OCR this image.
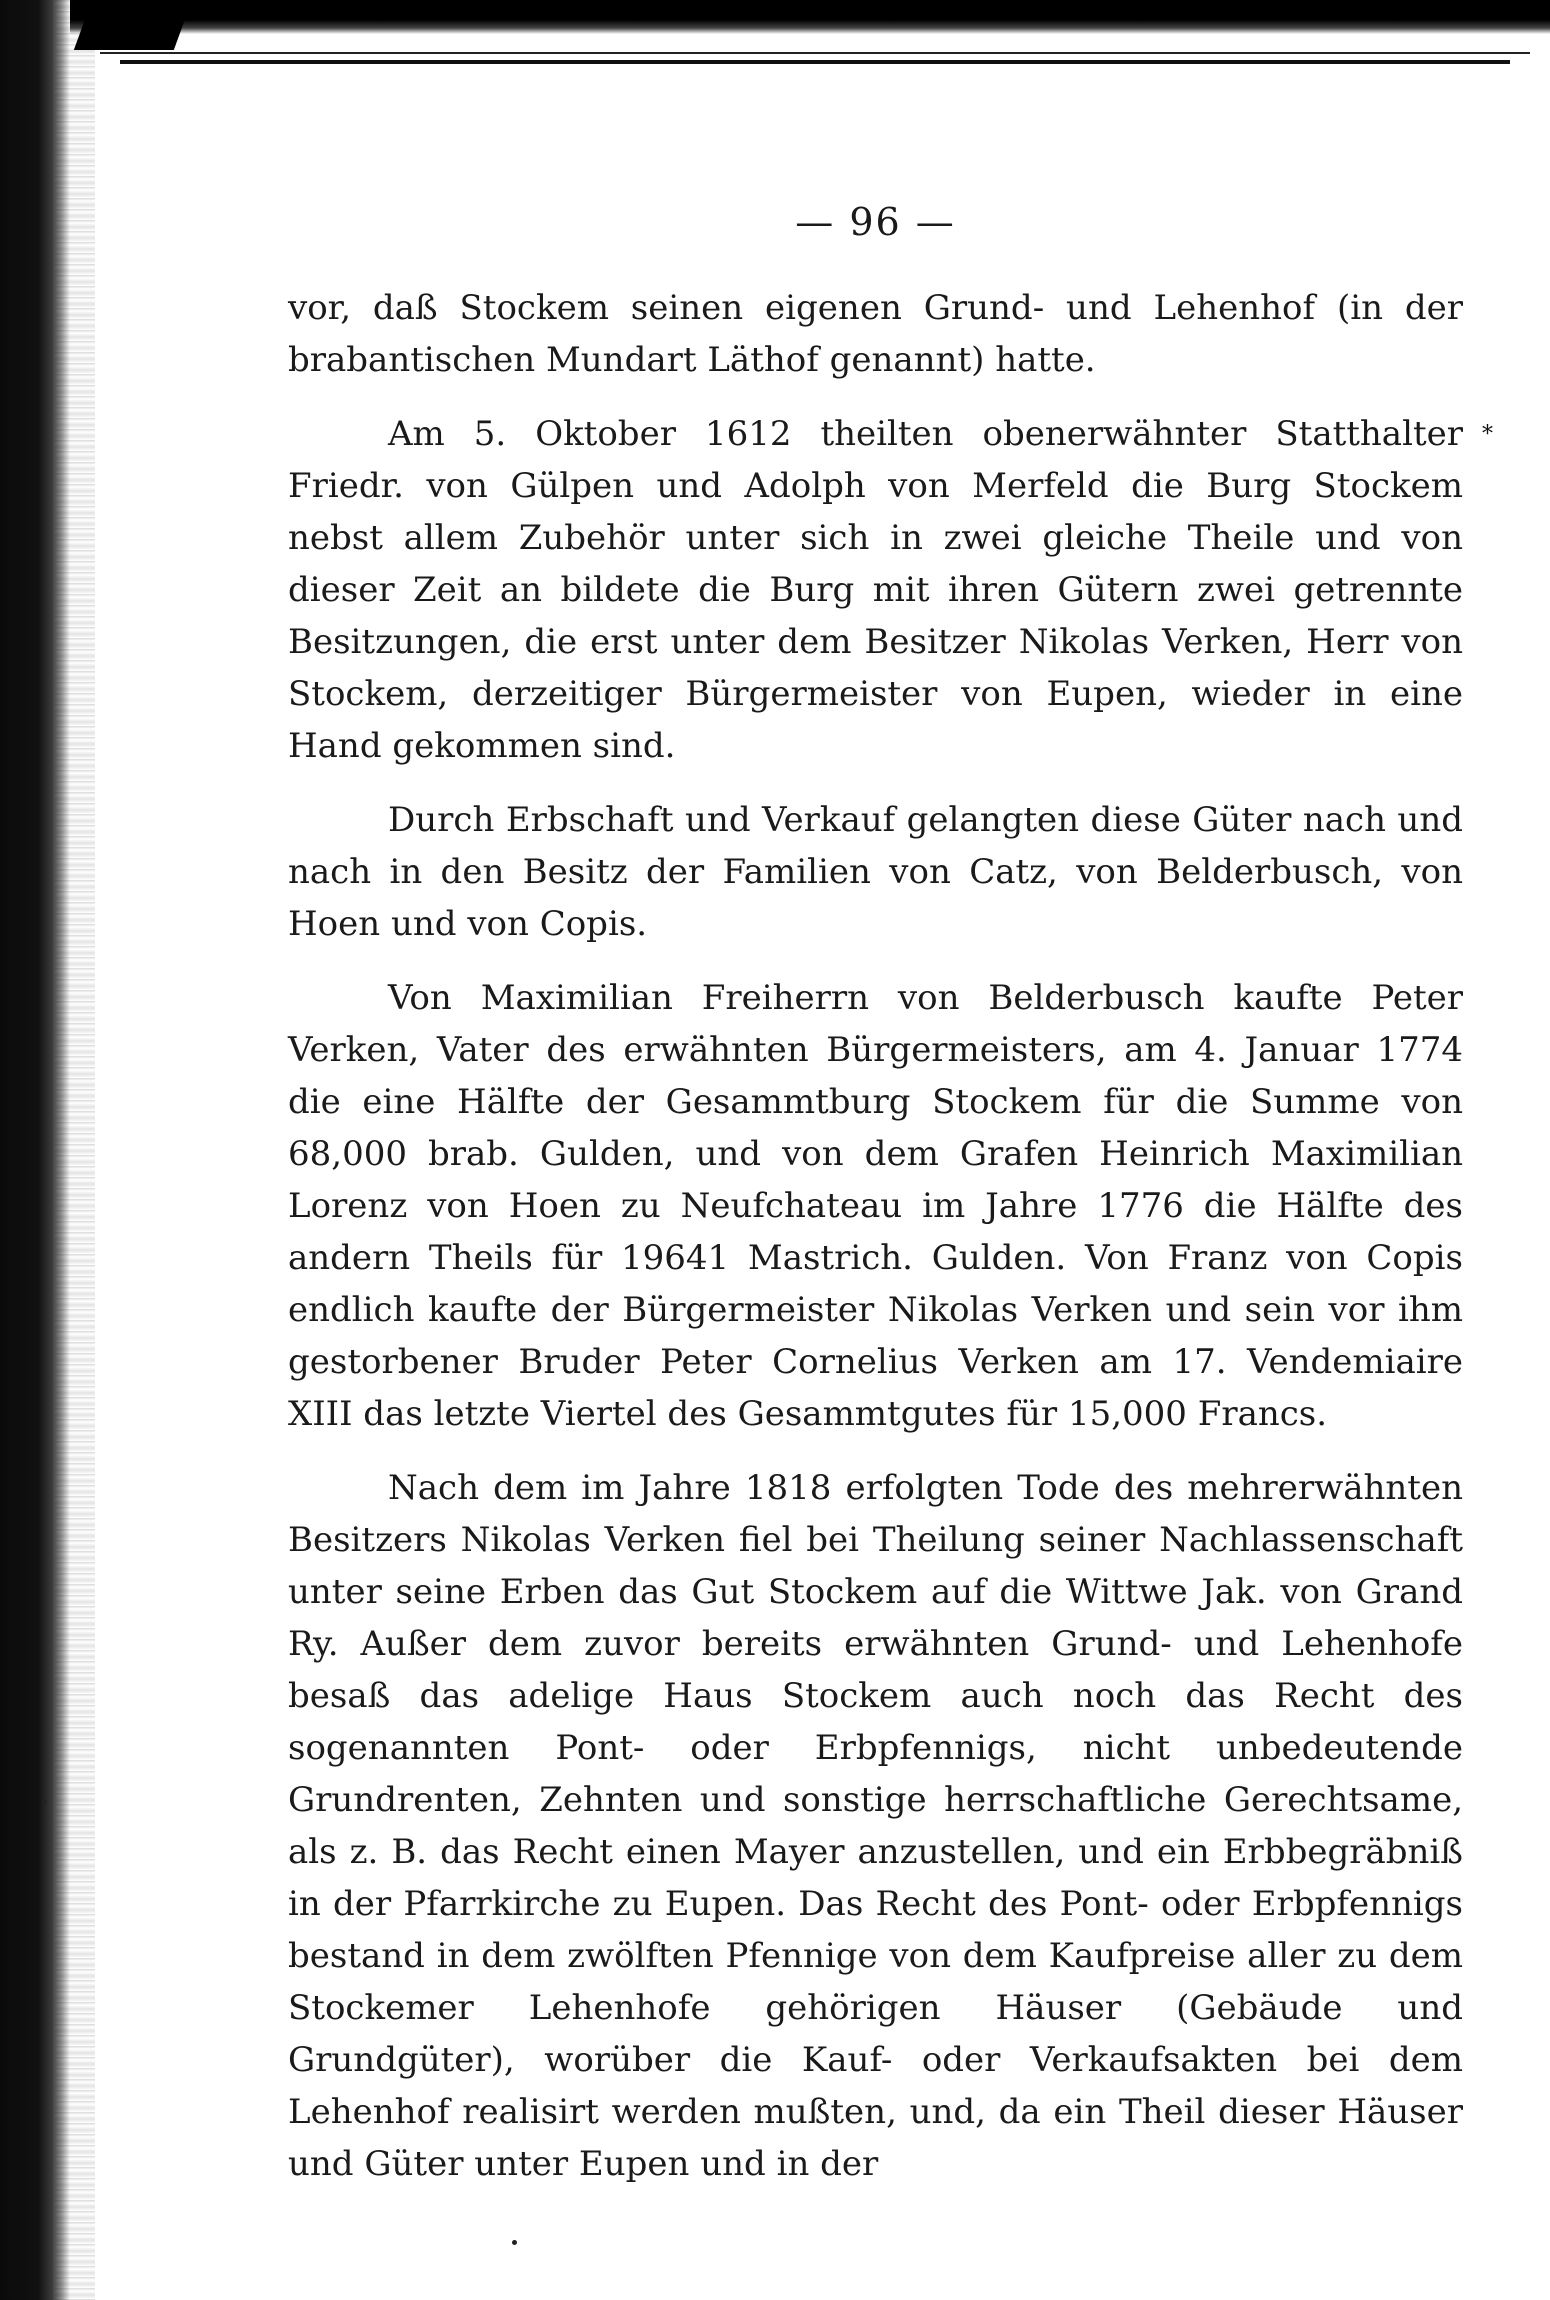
*
— 96 —

vor, daß Stockem seinen eigenen Grund- und Lehenhof (in der brabantischen Mundart Läthof genannt) hatte.

Am 5. Oktober 1612 theilten obenerwähnter Statthalter Friedr. von Gülpen und Adolph von Merfeld die Burg Stockem nebst allem Zubehör unter sich in zwei gleiche Theile und von dieser Zeit an bildete die Burg mit ihren Gütern zwei getrennte Besitzungen, die erst unter dem Besitzer Nikolas Verken, Herr von Stockem, derzeitiger Bürgermeister von Eupen, wieder in eine Hand gekommen sind.

Durch Erbschaft und Verkauf gelangten diese Güter nach und nach in den Besitz der Familien von Catz, von Belderbusch, von Hoen und von Copis.

Von Maximilian Freiherrn von Belderbusch kaufte Peter Verken, Vater des erwähnten Bürgermeisters, am 4. Januar 1774 die eine Hälfte der Gesammtburg Stockem für die Summe von 68,000 brab. Gulden, und von dem Grafen Heinrich Maximilian Lorenz von Hoen zu Neufchateau im Jahre 1776 die Hälfte des andern Theils für 19641 Mastrich. Gulden. Von Franz von Copis endlich kaufte der Bürgermeister Nikolas Verken und sein vor ihm gestorbener Bruder Peter Cornelius Verken am 17. Vendemiaire XIII das letzte Viertel des Gesammtgutes für 15,000 Francs.

Nach dem im Jahre 1818 erfolgten Tode des mehrerwähnten Besitzers Nikolas Verken fiel bei Theilung seiner Nachlassenschaft unter seine Erben das Gut Stockem auf die Wittwe Jak. von Grand Ry. Außer dem zuvor bereits erwähnten Grund- und Lehenhofe besaß das adelige Haus Stockem auch noch das Recht des sogenannten Pont- oder Erbpfennigs, nicht unbedeutende Grundrenten, Zehnten und sonstige herrschaftliche Gerechtsame, als z. B. das Recht einen Mayer anzustellen, und ein Erbbegräbniß in der Pfarrkirche zu Eupen. Das Recht des Pont- oder Erbpfennigs bestand in dem zwölften Pfennige von dem Kaufpreise aller zu dem Stockemer Lehenhofe gehörigen Häuser (Gebäude und Grundgüter), worüber die Kauf- oder Verkaufsakten bei dem Lehenhof realisirt werden mußten, und, da ein Theil dieser Häuser und Güter unter Eupen und in der
